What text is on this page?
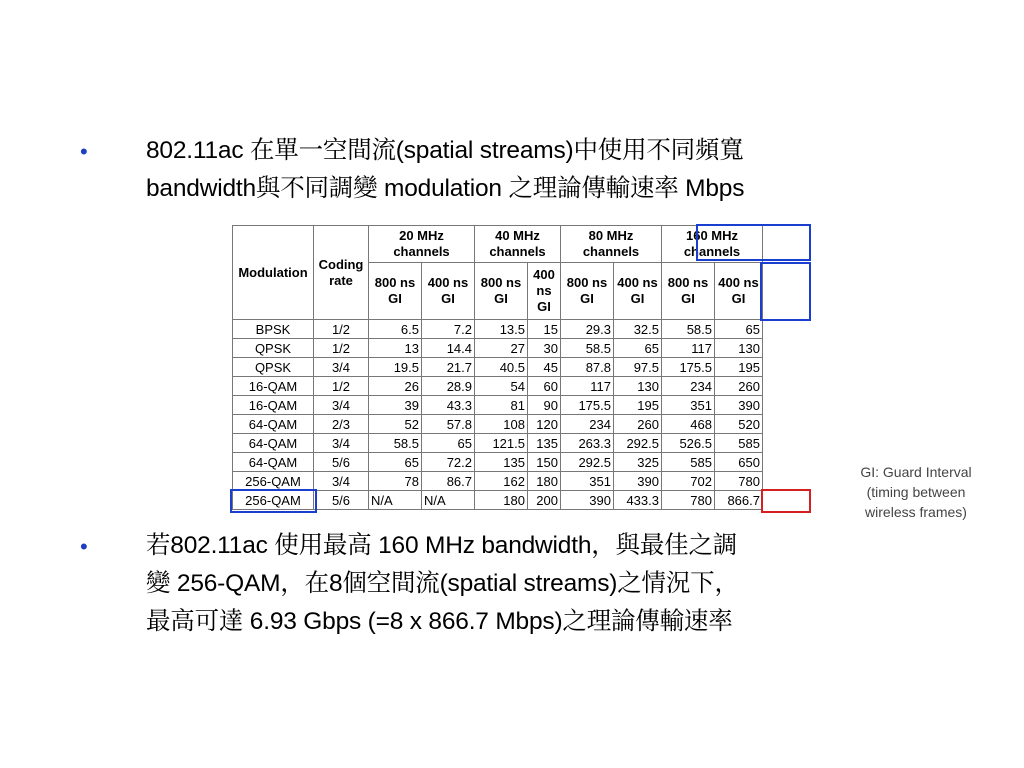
•	802.11ac 在單一空間流(spatial streams)中使用不同頻寬
bandwidth與不同調變 modulation 之理論傳輸速率 Mbps
Modulation	Coding rate	20 MHz channels		40 MHz channels		80 MHz channels		160 MHz channels	
		800 ns GI	400 ns GI	800 ns GI	400 ns GI	800 ns GI	400 ns GI	800 ns GI	400 ns GI
BPSK	1/2	6.5	7.2	13.5	15	29.3	32.5	58.5	65
QPSK	1/2	13	14.4	27	30	58.5	65	117	130
QPSK	3/4	19.5	21.7	40.5	45	87.8	97.5	175.5	195
16-QAM	1/2	26	28.9	54	60	117	130	234	260
16-QAM	3/4	39	43.3	81	90	175.5	195	351	390
64-QAM	2/3	52	57.8	108	120	234	260	468	520
64-QAM	3/4	58.5	65	121.5	135	263.3	292.5	526.5	585
64-QAM	5/6	65	72.2	135	150	292.5	325	585	650
256-QAM	3/4	78	86.7	162	180	351	390	702	780
256-QAM	5/6	N/A	N/A	180	200	390	433.3	780	866.7
GI: Guard Interval
(timing between
wireless frames)
•	若802.11ac 使用最高 160 MHz bandwidth，與最佳之調
變 256-QAM，在8個空間流(spatial streams)之情況下，
最高可達 6.93 Gbps (=8 x 866.7 Mbps)之理論傳輸速率
